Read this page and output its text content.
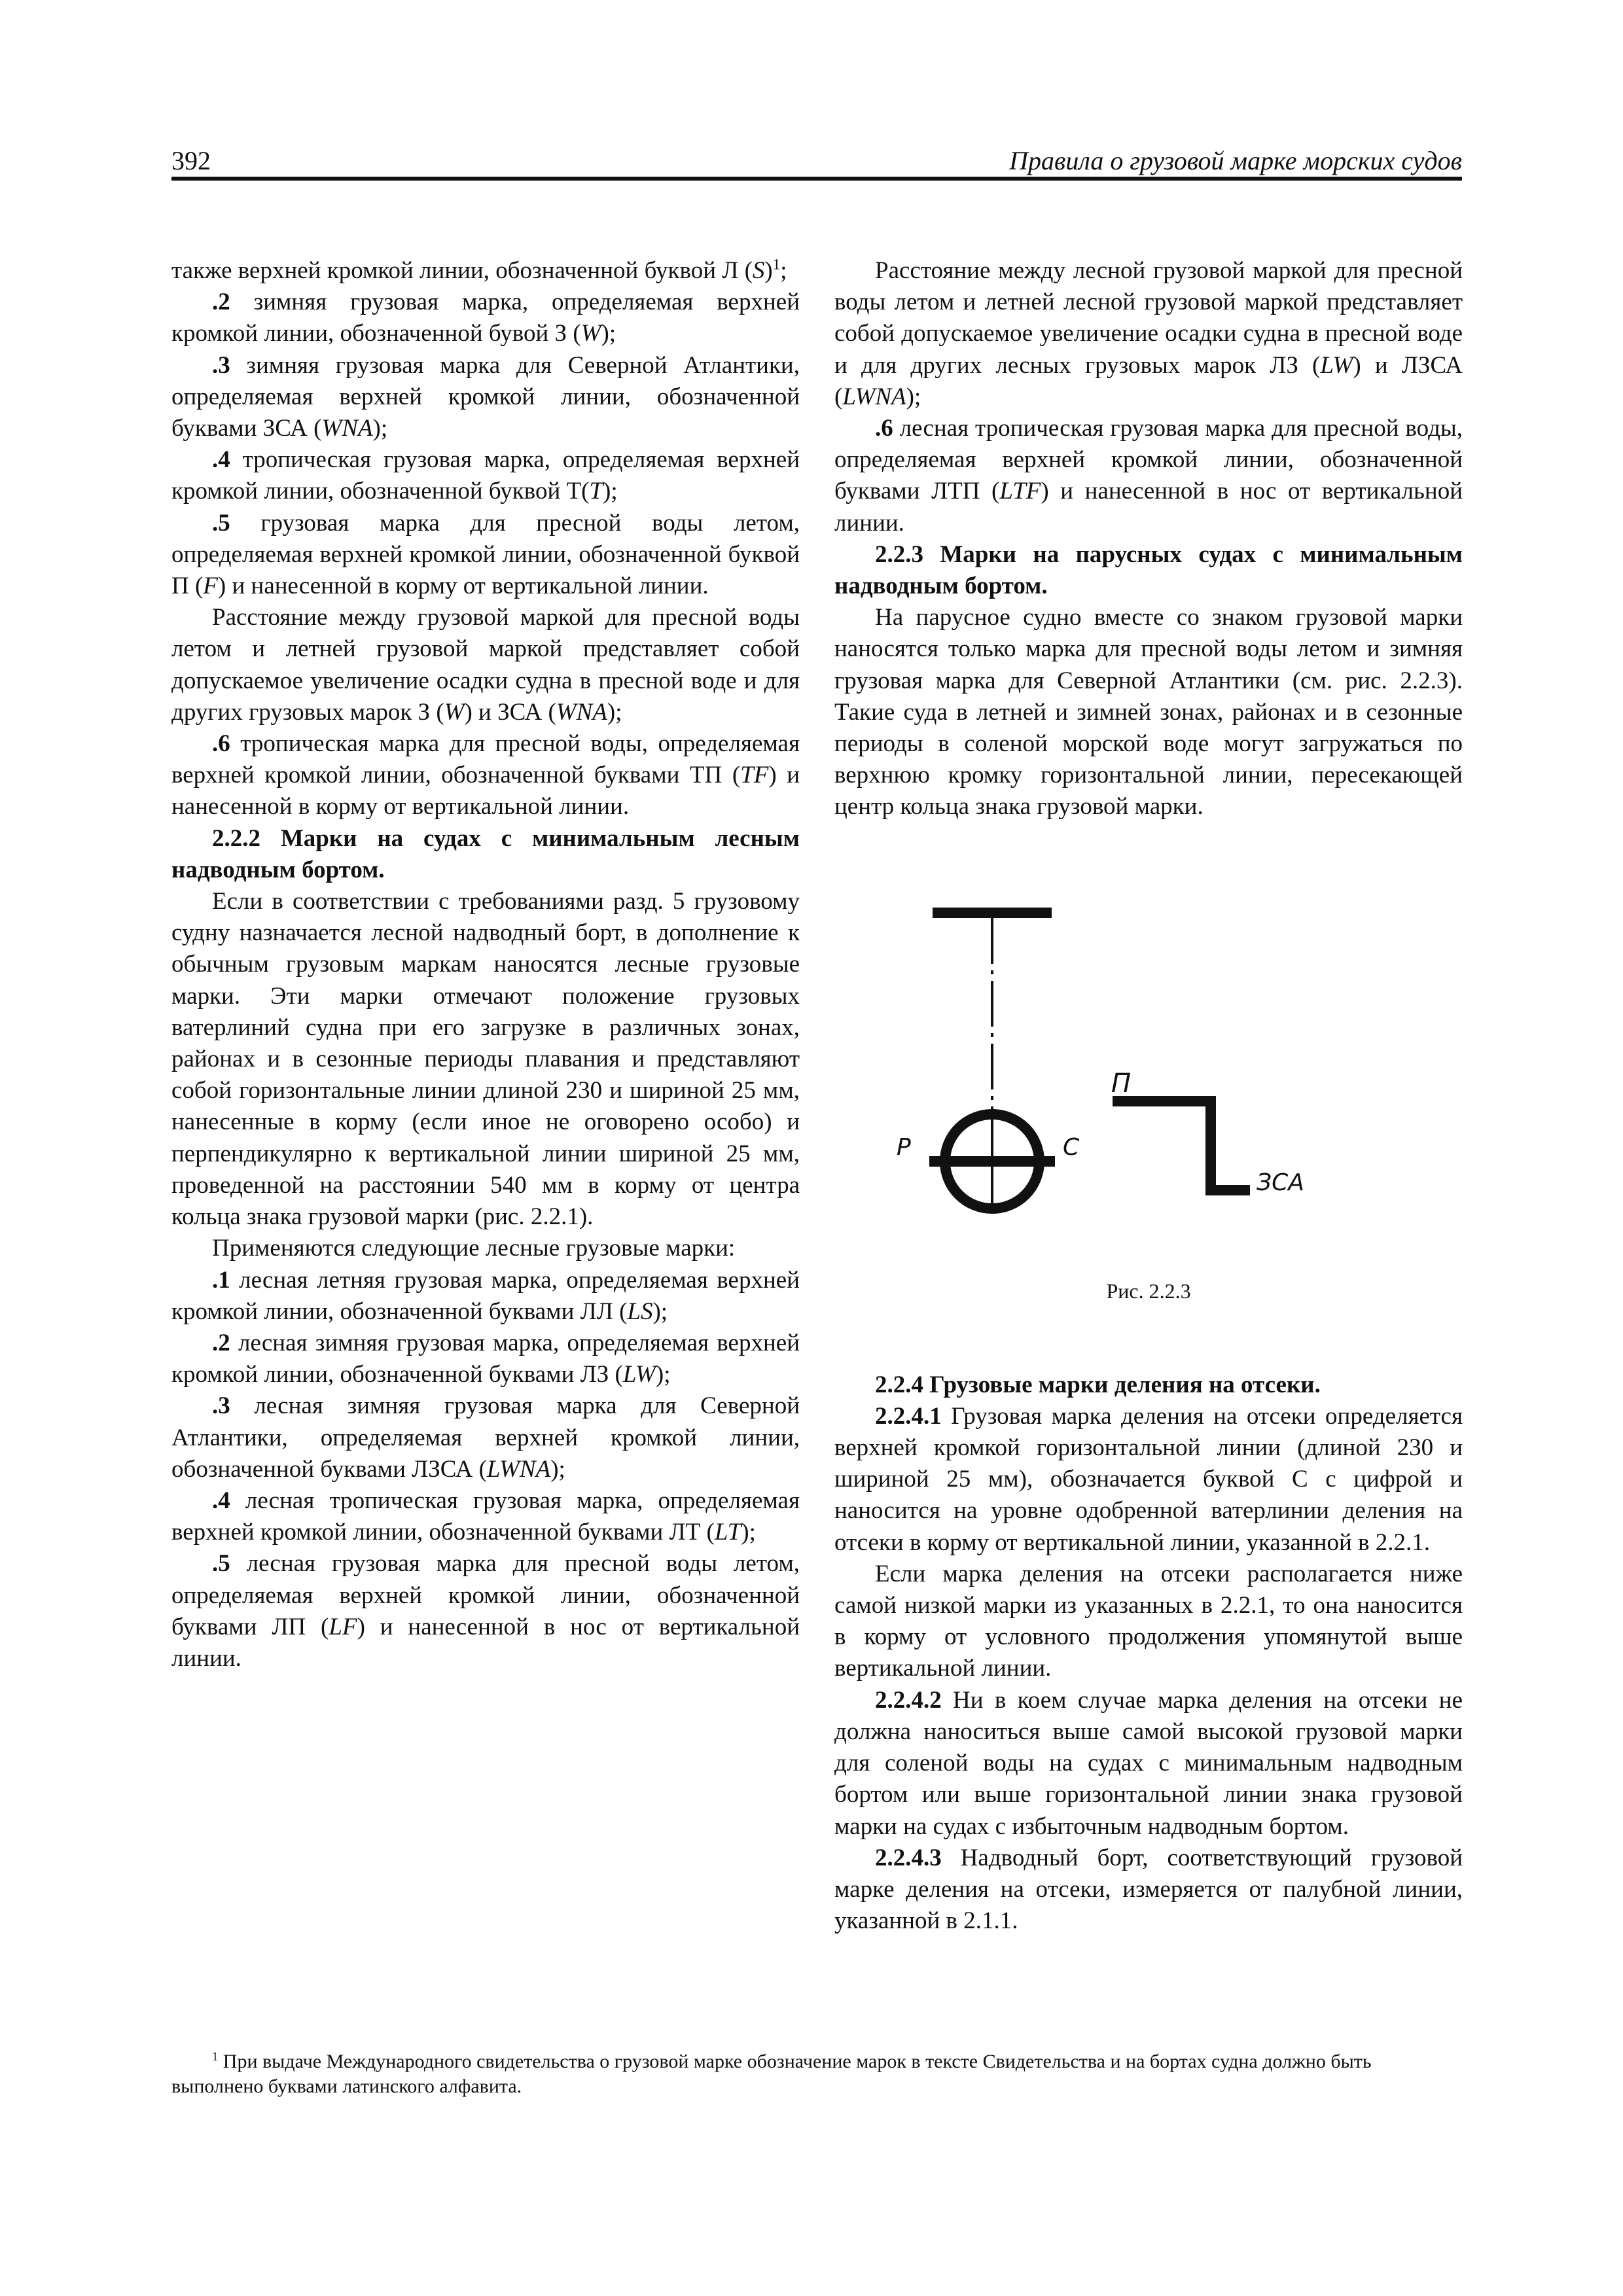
392	Правила о грузовой марке морских судов

также верхней кромкой линии, обозначенной буквой Л $(S)^1$;

.2 зимняя грузовая марка, определяемая верхней кромкой линии, обозначенной бувой З (W);

.3 зимняя грузовая марка для Северной Атлантики, определяемая верхней кромкой линии, обозначенной буквами ЗСА (WNA);

.4 тропическая грузовая марка, определяемая верхней кромкой линии, обозначенной буквой Т(T);

.5 грузовая марка для пресной воды летом, определяемая верхней кромкой линии, обозначенной буквой П (F) и нанесенной в корму от вертикальной линии.

Расстояние между грузовой маркой для пресной воды летом и летней грузовой маркой представляет собой допускаемое увеличение осадки судна в пресной воде и для других грузовых марок З (W) и ЗСА (WNA);

.6 тропическая марка для пресной воды, определяемая верхней кромкой линии, обозначенной буквами ТП (TF) и нанесенной в корму от вертикальной линии.

2.2.2 Марки на судах с минимальным лесным надводным бортом.

Если в соответствии с требованиями разд. 5 грузовому судну назначается лесной надводный борт, в дополнение к обычным грузовым маркам наносятся лесные грузовые марки. Эти марки отмечают положение грузовых ватерлиний судна при его загрузке в различных зонах, районах и в сезонные периоды плавания и представляют собой горизонтальные линии длиной 230 и шириной 25 мм, нанесенные в корму (если иное не оговорено особо) и перпендикулярно к вертикальной линии шириной 25 мм, проведенной на расстоянии 540 мм в корму от центра кольца знака грузовой марки (рис. 2.2.1).

Применяются следующие лесные грузовые марки:

.1 лесная летняя грузовая марка, определяемая верхней кромкой линии, обозначенной буквами ЛЛ (LS);

.2 лесная зимняя грузовая марка, определяемая верхней кромкой линии, обозначенной буквами ЛЗ (LW);

.3 лесная зимняя грузовая марка для Северной Атлантики, определяемая верхней кромкой линии, обозначенной буквами ЛЗСА (LWNA);

.4 лесная тропическая грузовая марка, определяемая верхней кромкой линии, обозначенной буквами ЛТ (LT);

.5 лесная грузовая марка для пресной воды летом, определяемая верхней кромкой линии, обозначенной буквами ЛП (LF) и нанесенной в нос от вертикальной линии.

Расстояние между лесной грузовой маркой для пресной воды летом и летней лесной грузовой маркой представляет собой допускаемое увеличение осадки судна в пресной воде и для других лесных грузовых марок ЛЗ (LW) и ЛЗСА (LWNA);

.6 лесная тропическая грузовая марка для пресной воды, определяемая верхней кромкой линии, обозначенной буквами ЛТП (LTF) и нанесенной в нос от вертикальной линии.

2.2.3 Марки на парусных судах с минимальным надводным бортом.

На парусное судно вместе со знаком грузовой марки наносятся только марка для пресной воды летом и зимняя грузовая марка для Северной Атлантики (см. рис. 2.2.3). Такие суда в летней и зимней зонах, районах и в сезонные периоды в соленой морской воде могут загружаться по верхнюю кромку горизонтальной линии, пересекающей центр кольца знака грузовой марки.

2.2.4 Грузовые марки деления на отсеки.

2.2.4.1 Грузовая марка деления на отсеки определяется верхней кромкой горизонтальной линии (длиной 230 и шириной 25 мм), обозначается буквой С с цифрой и наносится на уровне одобренной ватерлинии деления на отсеки в корму от вертикальной линии, указанной в 2.2.1.

Если марка деления на отсеки располагается ниже самой низкой марки из указанных в 2.2.1, то она наносится в корму от условного продолжения упомянутой выше вертикальной линии.

2.2.4.2 Ни в коем случае марка деления на отсеки не должна наноситься выше самой высокой грузовой марки для соленой воды на судах с минимальным надводным бортом или выше горизонтальной линии знака грузовой марки на судах с избыточным надводным бортом.

2.2.4.3 Надводный борт, соответствующий грузовой марке деления на отсеки, измеряется от палубной линии, указанной в 2.1.1.

П
Р	С
ЗСА
Рис. 2.2.3
$^1$ При выдаче Международного свидетельства о грузовой марке обозначение марок в тексте Свидетельства и на бортах судна должно быть выполнено буквами латинского алфавита.
